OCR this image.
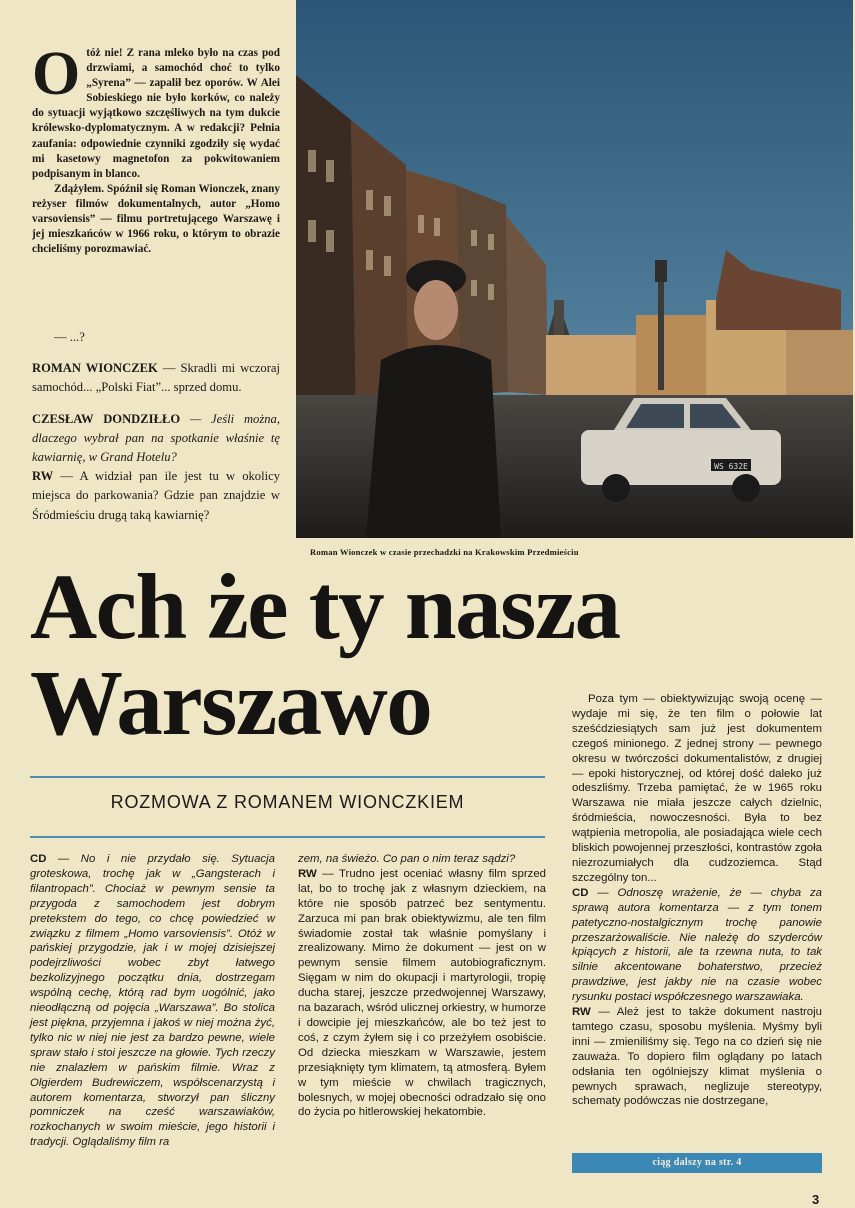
O tóż nie! Z rana mleko było na czas pod drzwiami, a samochód choć to tylko „Syrena” — zapalił bez oporów. W Alei Sobieskiego nie było korków, co należy do sytuacji wyjątkowo szczęśliwych na tym dukcie królewsko-dyplomatycznym. A w redakcji? Pełnia zaufania: odpowiednie czynniki zgodziły się wydać mi kasetowy magnetofon za pokwitowaniem podpisanym in blanco.

Zdążyłem. Spóźnił się Roman Wionczek, znany reżyser filmów dokumentalnych, autor „Homo varsoviensis” — filmu portretującego Warszawę i jej mieszkańców w 1966 roku, o którym to obrazie chcieliśmy porozmawiać.

— ...?

ROMAN WIONCZEK — Skradli mi wczoraj samochód... „Polski Fiat”... sprzed domu.

CZESŁAW DONDZIŁŁO — Jeśli można, dlaczego wybrał pan na spotkanie właśnie tę kawiarnię, w Grand Hotelu?

RW — A widział pan ile jest tu w okolicy miejsca do parkowania? Gdzie pan znajdzie w Śródmieściu drugą taką kawiarnię?

WS 632E
Roman Wionczek w czasie przechadzki na Krakowskim Przedmieściu
Ach że ty nasza
Warszawo
ROZMOWA Z ROMANEM WIONCZKIEM

CD — No i nie przydało się. Sytuacja groteskowa, trochę jak w „Gangsterach i filantropach”. Chociaż w pewnym sensie ta przygoda z samochodem jest dobrym pretekstem do tego, co chcę powiedzieć w związku z filmem „Homo varsoviensis”. Otóż w pańskiej przygodzie, jak i w mojej dzisiejszej podejrzliwości wobec zbyt łatwego bezkolizyjnego początku dnia, dostrzegam wspólną cechę, którą rad bym uogólnić, jako nieodłączną od pojęcia „Warszawa”. Bo stolica jest piękna, przyjemna i jakoś w niej można żyć, tylko nic w niej nie jest za bardzo pewne, wiele spraw stało i stoi jeszcze na głowie. Tych rzeczy nie znalazłem w pańskim filmie. Wraz z Olgierdem Budrewiczem, współscenarzystą i autorem komentarza, stworzył pan śliczny pomniczek na cześć warszawiaków, rozkochanych w swoim mieście, jego historii i tradycji. Oglądaliśmy film ra

zem, na świeżo. Co pan o nim teraz sądzi?

RW — Trudno jest oceniać własny film sprzed lat, bo to trochę jak z własnym dzieckiem, na które nie sposób patrzeć bez sentymentu. Zarzuca mi pan brak obiektywizmu, ale ten film świadomie został tak właśnie pomyślany i zrealizowany. Mimo że dokument — jest on w pewnym sensie filmem autobiograficznym. Sięgam w nim do okupacji i martyrologii, tropię ducha starej, jeszcze przedwojennej Warszawy, na bazarach, wśród ulicznej orkiestry, w humorze i dowcipie jej mieszkańców, ale bo też jest to coś, z czym żyłem się i co przeżyłem osobiście. Od dziecka mieszkam w Warszawie, jestem przesiąknięty tym klimatem, tą atmosferą. Byłem w tym mieście w chwilach tragicznych, bolesnych, w mojej obecności odradzało się ono do życia po hitlerowskiej hekatombie.

Poza tym — obiektywizując swoją ocenę — wydaje mi się, że ten film o połowie lat sześćdziesiątych sam już jest dokumentem czegoś minionego. Z jednej strony — pewnego okresu w twórczości dokumentalistów, z drugiej — epoki historycznej, od której dość daleko już odeszliśmy. Trzeba pamiętać, że w 1965 roku Warszawa nie miała jeszcze całych dzielnic, śródmieścia, nowoczesności. Była to bez wątpienia metropolia, ale posiadająca wiele cech bliskich powojennej przeszłości, kontrastów zgoła niezrozumiałych dla cudzoziemca. Stąd szczególny ton...

CD — Odnoszę wrażenie, że — chyba za sprawą autora komentarza — z tym tonem patetyczno-nostalgicznym trochę panowie przeszarżowaliście. Nie należę do szyderców kpiących z historii, ale ta rzewna nuta, to tak silnie akcentowane bohaterstwo, przecież prawdziwe, jest jakby nie na czasie wobec rysunku postaci współczesnego warszawiaka.

RW — Ależ jest to także dokument nastroju tamtego czasu, sposobu myślenia. Myśmy byli inni — zmieniliśmy się. Tego na co dzień się nie zauważa. To dopiero film oglądany po latach odsłania ten ogólniejszy klimat myślenia o pewnych sprawach, neglizuje stereotypy, schematy podówczas nie dostrzegane,

ciąg dalszy na str. 4
3
